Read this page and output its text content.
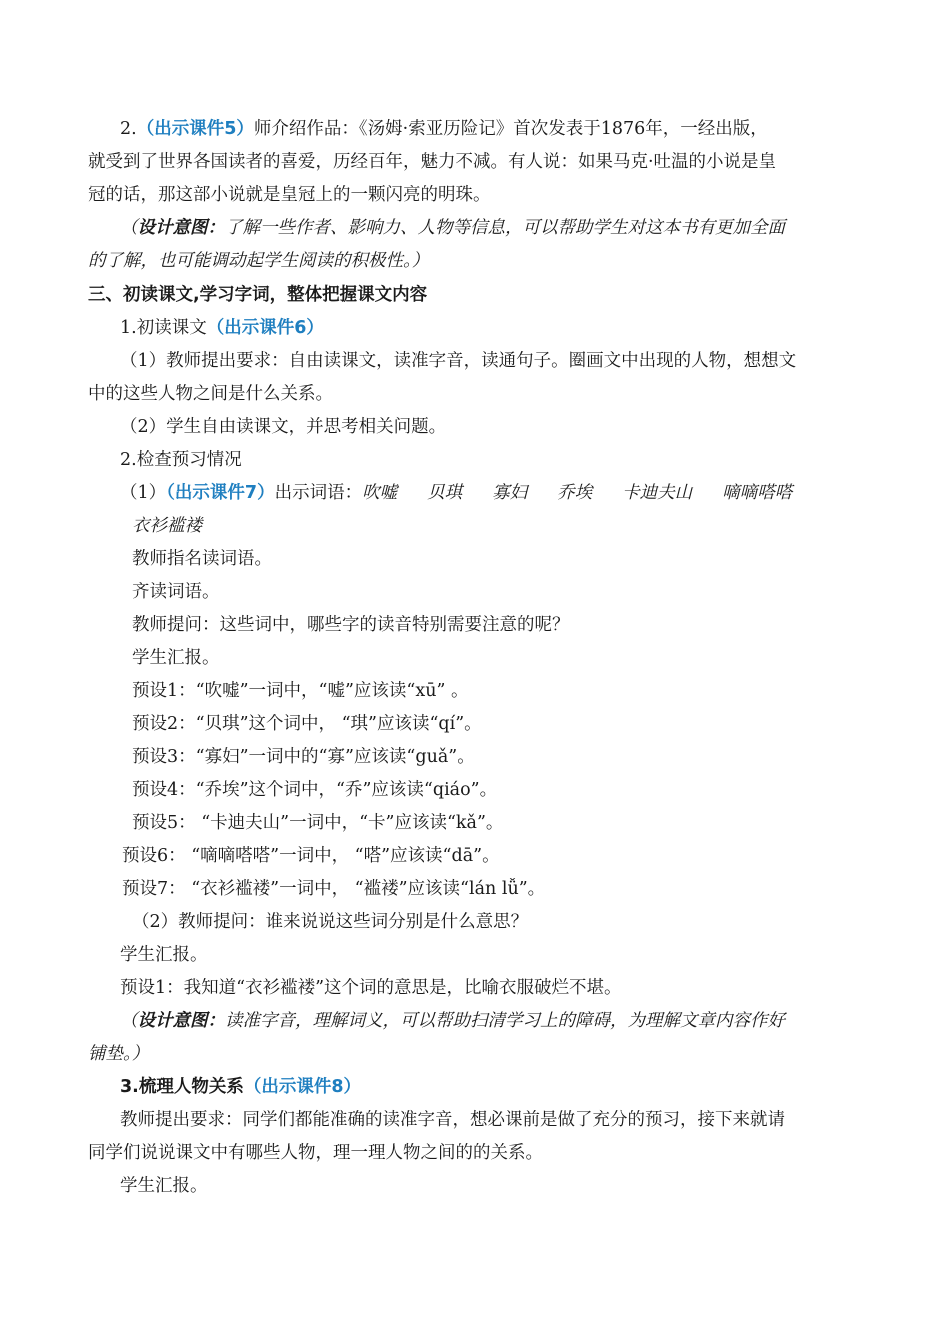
2.（出示课件5）师介绍作品：《汤姆·索亚历险记》首次发表于1876年，一经出版，
就受到了世界各国读者的喜爱，历经百年，魅力不减。有人说：如果马克·吐温的小说是皇
冠的话，那这部小说就是皇冠上的一颗闪亮的明珠。
（设计意图：了解一些作者、影响力、人物等信息，可以帮助学生对这本书有更加全面
的了解，也可能调动起学生阅读的积极性。）
三、初读课文,学习字词，整体把握课文内容
1.初读课文（出示课件6）
（1）教师提出要求：自由读课文，读准字音，读通句子。圈画文中出现的人物，想想文
中的这些人物之间是什么关系。
（2）学生自由读课文，并思考相关问题。
2.检查预习情况
（1）（出示课件7）出示词语：吹嘘 贝琪 寡妇 乔埃 卡迪夫山 嘀嘀嗒嗒
衣衫褴褛
教师指名读词语。
齐读词语。
教师提问：这些词中，哪些字的读音特别需要注意的呢？
学生汇报。
预设1：“吹嘘”一词中，“嘘”应该读“xū” 。
预设2：“贝琪”这个词中， “琪”应该读“qí”。
预设3：“寡妇”一词中的“寡”应该读“guǎ”。
预设4：“乔埃”这个词中，“乔”应该读“qiáo”。
预设5： “卡迪夫山”一词中，“卡”应该读“kǎ”。
预设6： “嘀嘀嗒嗒”一词中， “嗒”应该读“dā”。
预设7： “衣衫褴褛”一词中， “褴褛”应该读“lán lǚ”。
（2）教师提问：谁来说说这些词分别是什么意思？
学生汇报。
预设1：我知道“衣衫褴褛”这个词的意思是，比喻衣服破烂不堪。
（设计意图：读准字音，理解词义，可以帮助扫清学习上的障碍，为理解文章内容作好
铺垫。）
3.梳理人物关系（出示课件8）
教师提出要求：同学们都能准确的读准字音，想必课前是做了充分的预习，接下来就请
同学们说说课文中有哪些人物，理一理人物之间的的关系。
学生汇报。
